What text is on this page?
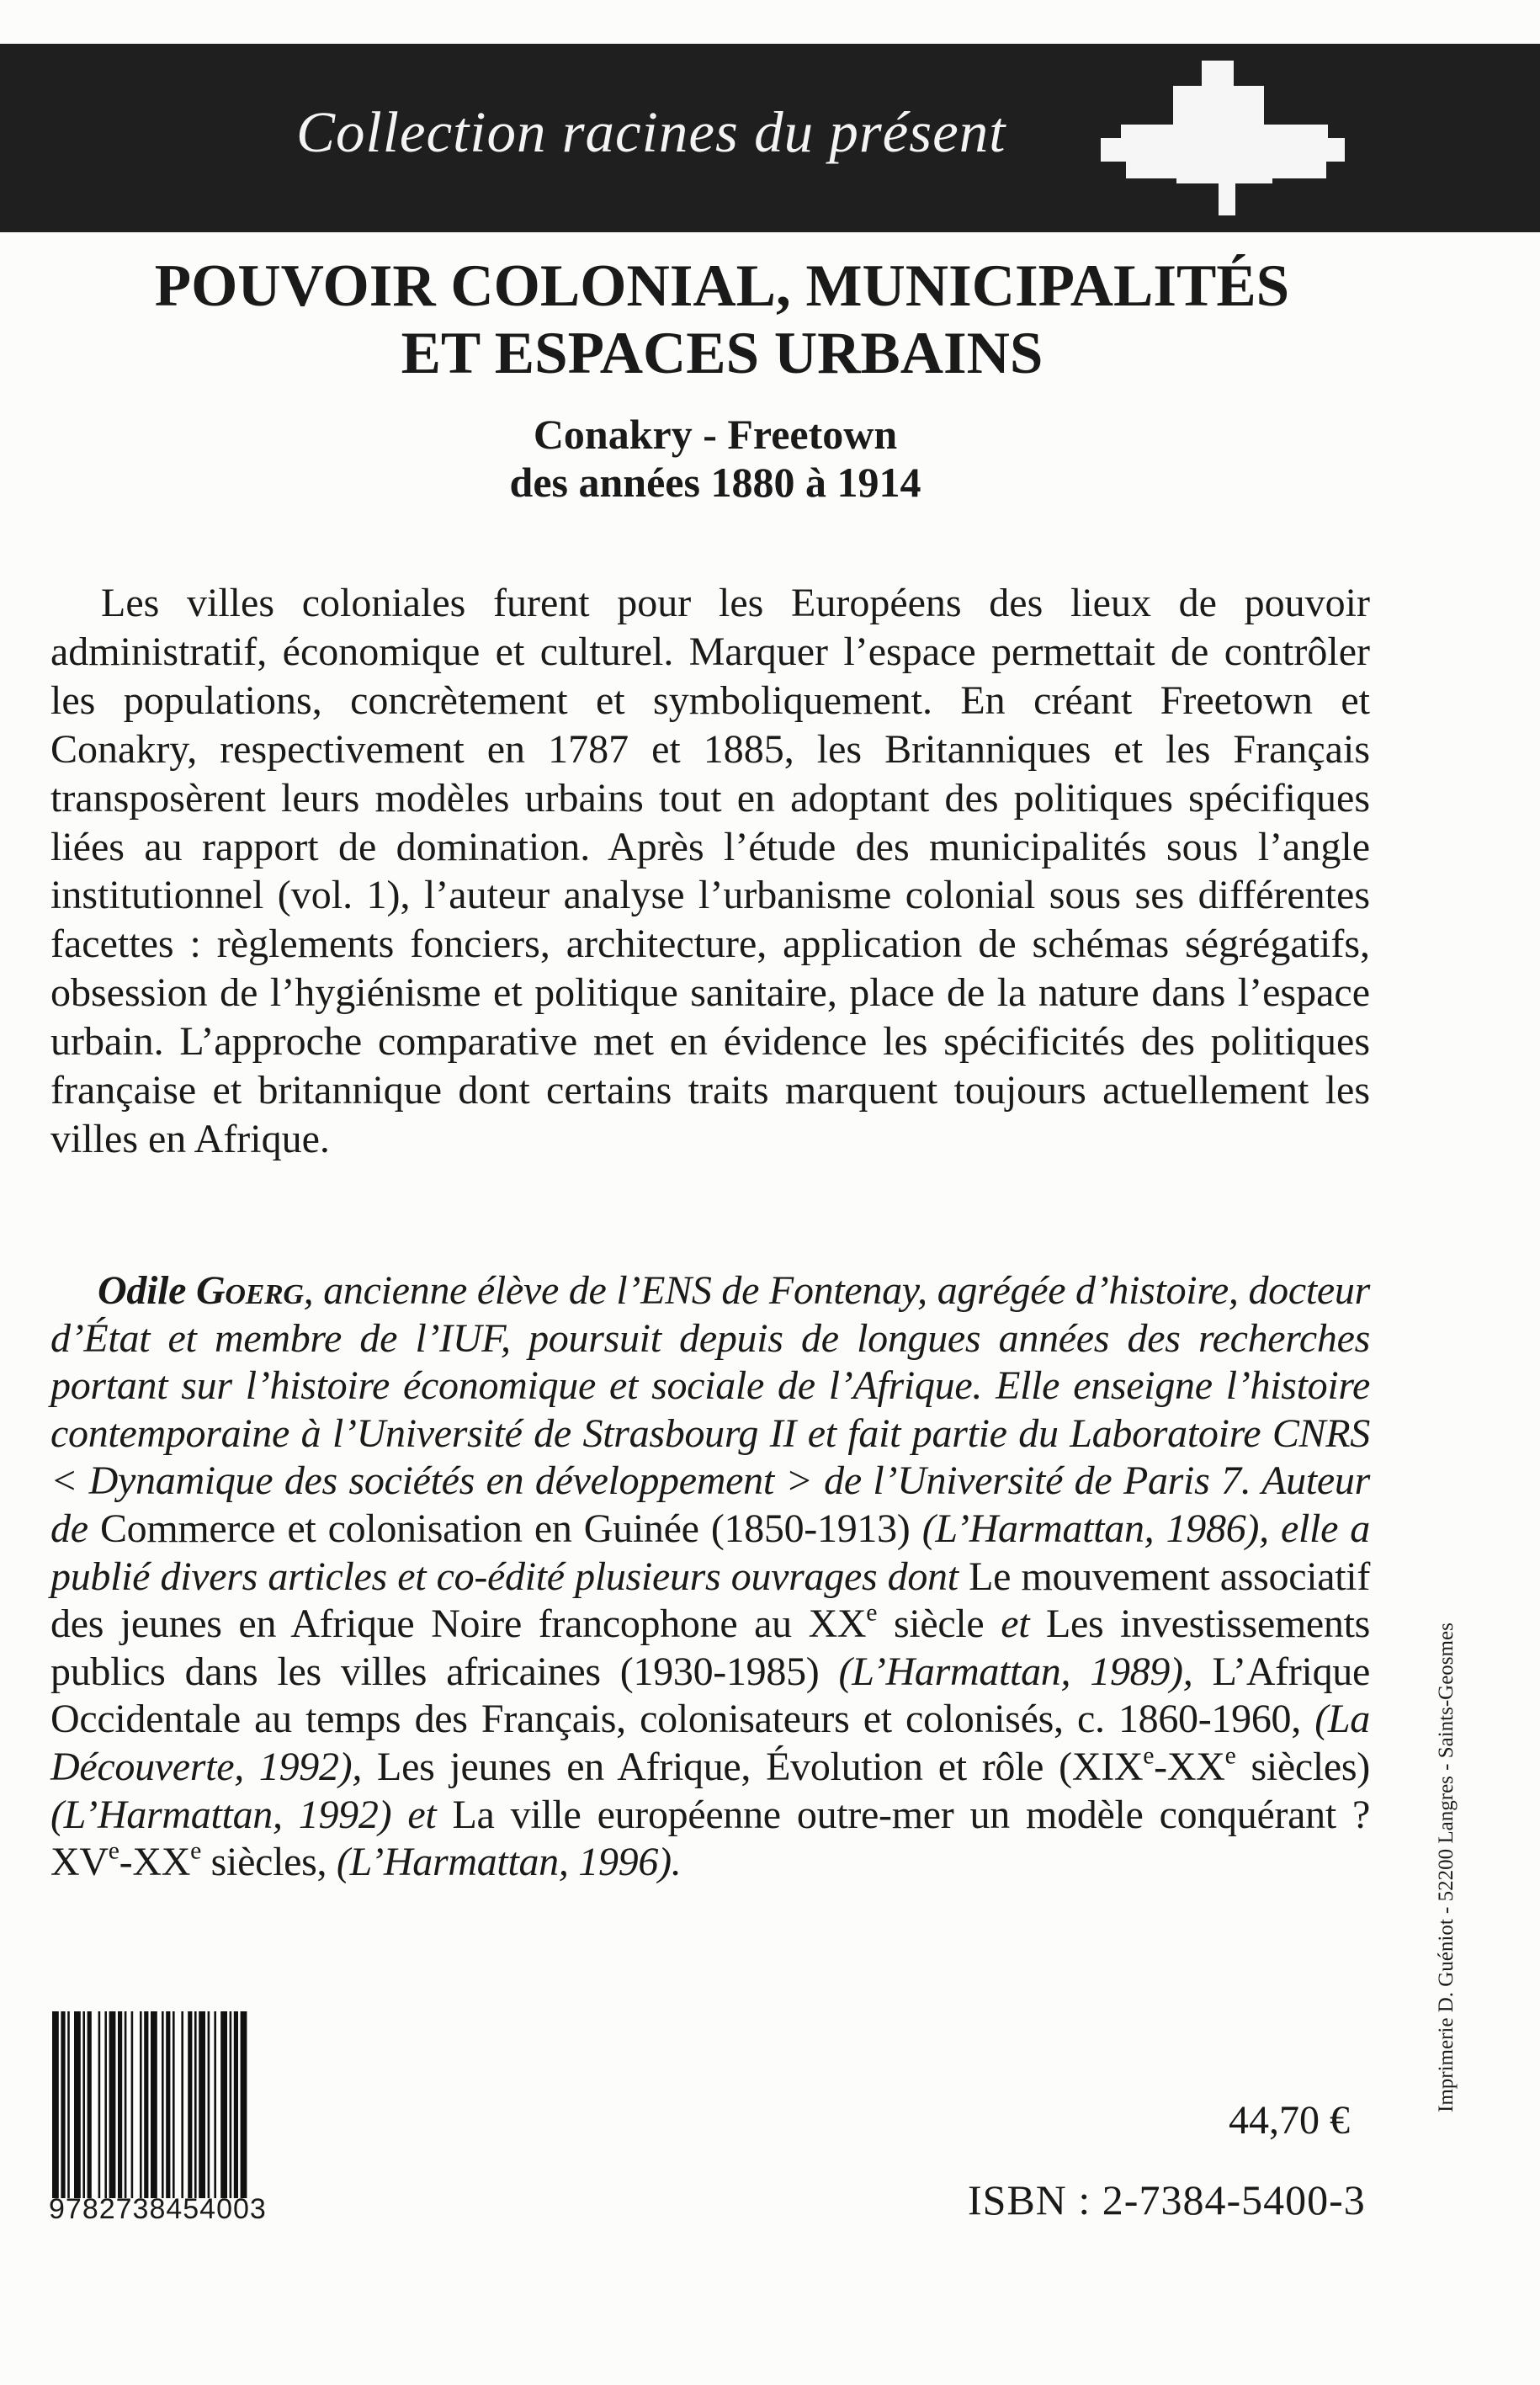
Collection racines du présent
POUVOIR COLONIAL, MUNICIPALITÉS
ET ESPACES URBAINS
Conakry - Freetown
des années 1880 à 1914

Les villes coloniales furent pour les Européens des lieux de pouvoir administratif, économique et culturel. Marquer l’espace permettait de contrôler les populations, concrètement et symboliquement. En créant Freetown et Conakry, respectivement en 1787 et 1885, les Britanniques et les Français transposèrent leurs modèles urbains tout en adoptant des politiques spécifiques liées au rapport de domination. Après l’étude des municipalités sous l’angle institutionnel (vol. 1), l’auteur analyse l’urbanisme colonial sous ses différentes facettes : règlements fonciers, architecture, application de schémas ségrégatifs, obsession de l’hygiénisme et politique sanitaire, place de la nature dans l’espace urbain. L’approche comparative met en évidence les spécificités des politiques française et britannique dont certains traits marquent toujours actuellement les villes en Afrique.

Odile Goerg, ancienne élève de l’ENS de Fontenay, agrégée d’histoire, docteur d’État et membre de l’IUF, poursuit depuis de longues années des recherches portant sur l’histoire économique et sociale de l’Afrique. Elle enseigne l’histoire contemporaine à l’Université de Strasbourg II et fait partie du Laboratoire CNRS < Dynamique des sociétés en développement > de l’Université de Paris 7. Auteur de Commerce et colonisation en Guinée (1850-1913) (L’Harmattan, 1986), elle a publié divers articles et co-édité plusieurs ouvrages dont Le mouvement associatif des jeunes en Afrique Noire francophone au XXe siècle et Les investissements publics dans les villes africaines (1930-1985) (L’Harmattan, 1989), L’Afrique Occidentale au temps des Français, colonisateurs et colonisés, c. 1860-1960, (La Découverte, 1992), Les jeunes en Afrique, Évolution et rôle (XIXe-XXe siècles) (L’Harmattan, 1992) et La ville européenne outre-mer un modèle conquérant ? XVe-XXe siècles, (L’Harmattan, 1996).	Imprimerie D. Guéniot - 52200 Langres - Saints-Geosmes
9782738454003
44,70 €
ISBN : 2-7384-5400-3
